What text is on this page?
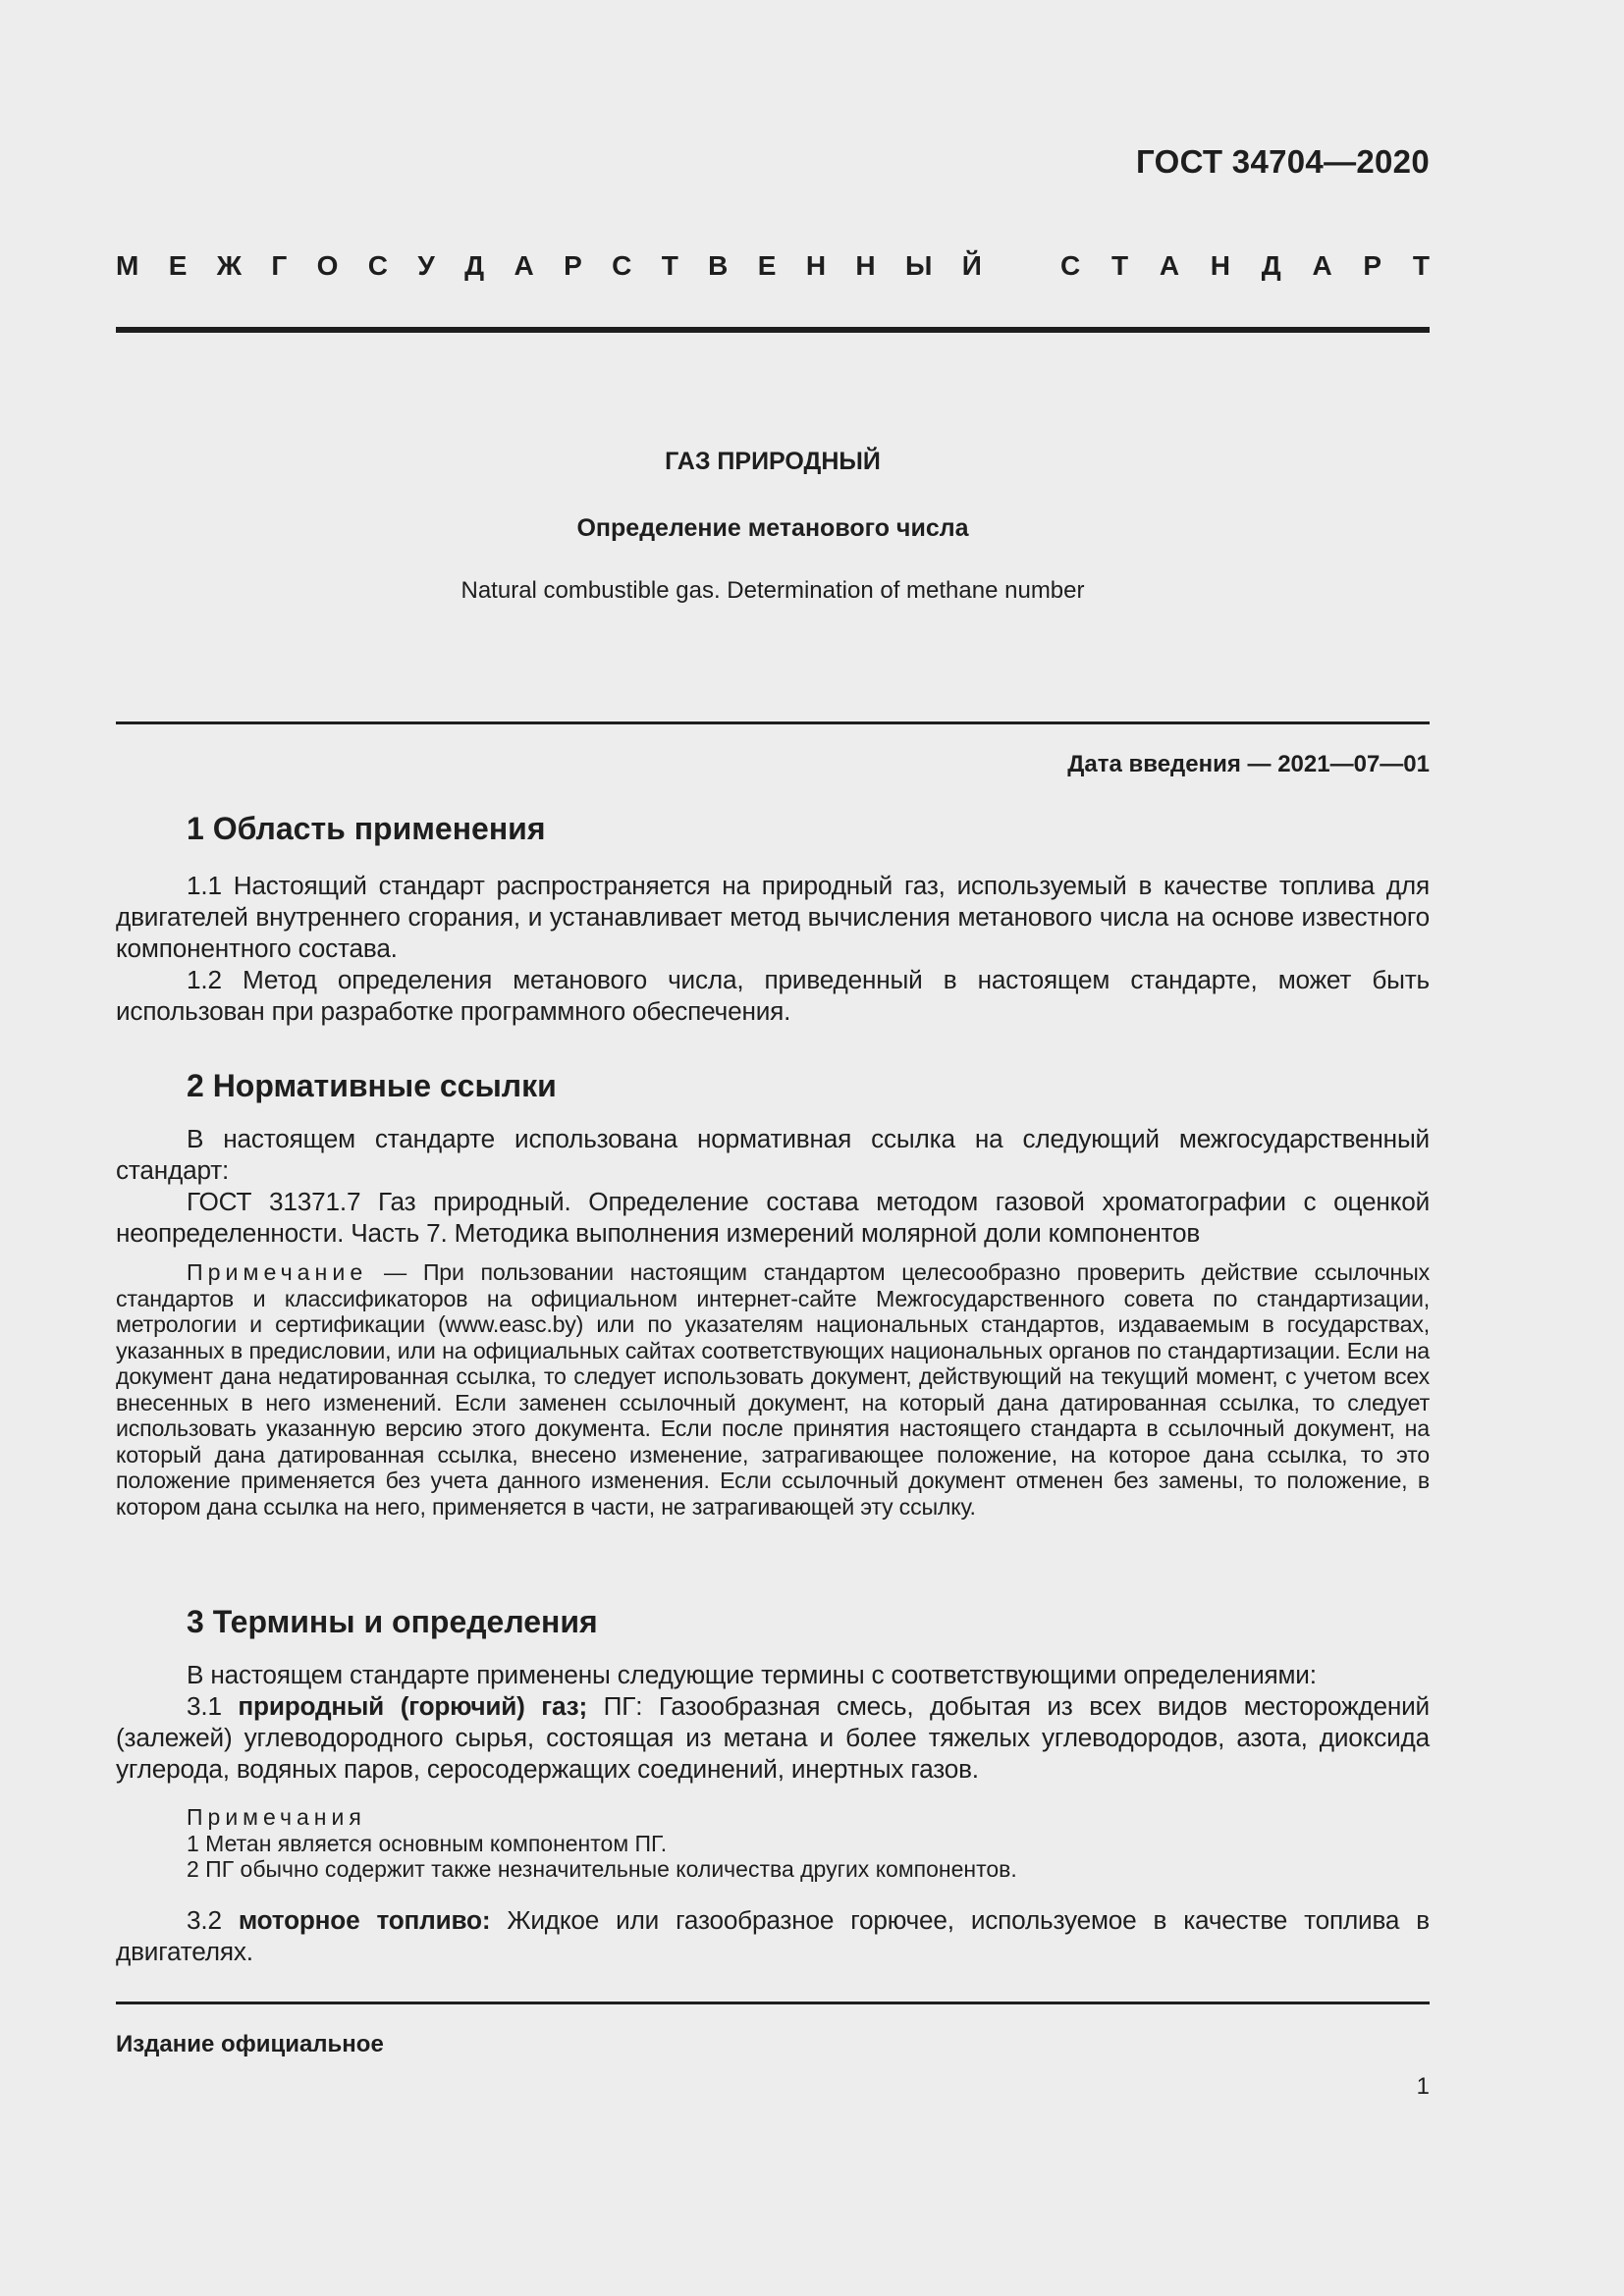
ГОСТ 34704—2020
М Е Ж Г О С У Д А Р С Т В Е Н Н Ы Й	С Т А Н Д А Р Т
ГАЗ ПРИРОДНЫЙ
Определение метанового числа
Natural combustible gas. Determination of methane number
Дата введения — 2021—07—01
1 Область применения

1.1 Настоящий стандарт распространяется на природный газ, используемый в качестве топлива для двигателей внутреннего сгорания, и устанавливает метод вычисления метанового числа на основе известного компонентного состава.

1.2 Метод определения метанового числа, приведенный в настоящем стандарте, может быть использован при разработке программного обеспечения.

2 Нормативные ссылки

В настоящем стандарте использована нормативная ссылка на следующий межгосударственный стандарт:

ГОСТ 31371.7 Газ природный. Определение состава методом газовой хроматографии с оценкой неопределенности. Часть 7. Методика выполнения измерений молярной доли компонентов

Примечание — При пользовании настоящим стандартом целесообразно проверить действие ссылочных стандартов и классификаторов на официальном интернет-сайте Межгосударственного совета по стандартизации, метрологии и сертификации (www.easc.by) или по указателям национальных стандартов, издаваемым в государствах, указанных в предисловии, или на официальных сайтах соответствующих национальных органов по стандартизации. Если на документ дана недатированная ссылка, то следует использовать документ, действующий на текущий момент, с учетом всех внесенных в него изменений. Если заменен ссылочный документ, на который дана датированная ссылка, то следует использовать указанную версию этого документа. Если после принятия настоящего стандарта в ссылочный документ, на который дана датированная ссылка, внесено изменение, затрагивающее положение, на которое дана ссылка, то это положение применяется без учета данного изменения. Если ссылочный документ отменен без замены, то положение, в котором дана ссылка на него, применяется в части, не затрагивающей эту ссылку.

3 Термины и определения

В настоящем стандарте применены следующие термины с соответствующими определениями:

3.1 природный (горючий) газ; ПГ: Газообразная смесь, добытая из всех видов месторождений (залежей) углеводородного сырья, состоящая из метана и более тяжелых углеводородов, азота, диоксида углерода, водяных паров, серосодержащих соединений, инертных газов.

Примечания
1 Метан является основным компонентом ПГ.
2 ПГ обычно содержит также незначительные количества других компонентов.

3.2 моторное топливо: Жидкое или газообразное горючее, используемое в качестве топлива в двигателях.

Издание официальное
1
